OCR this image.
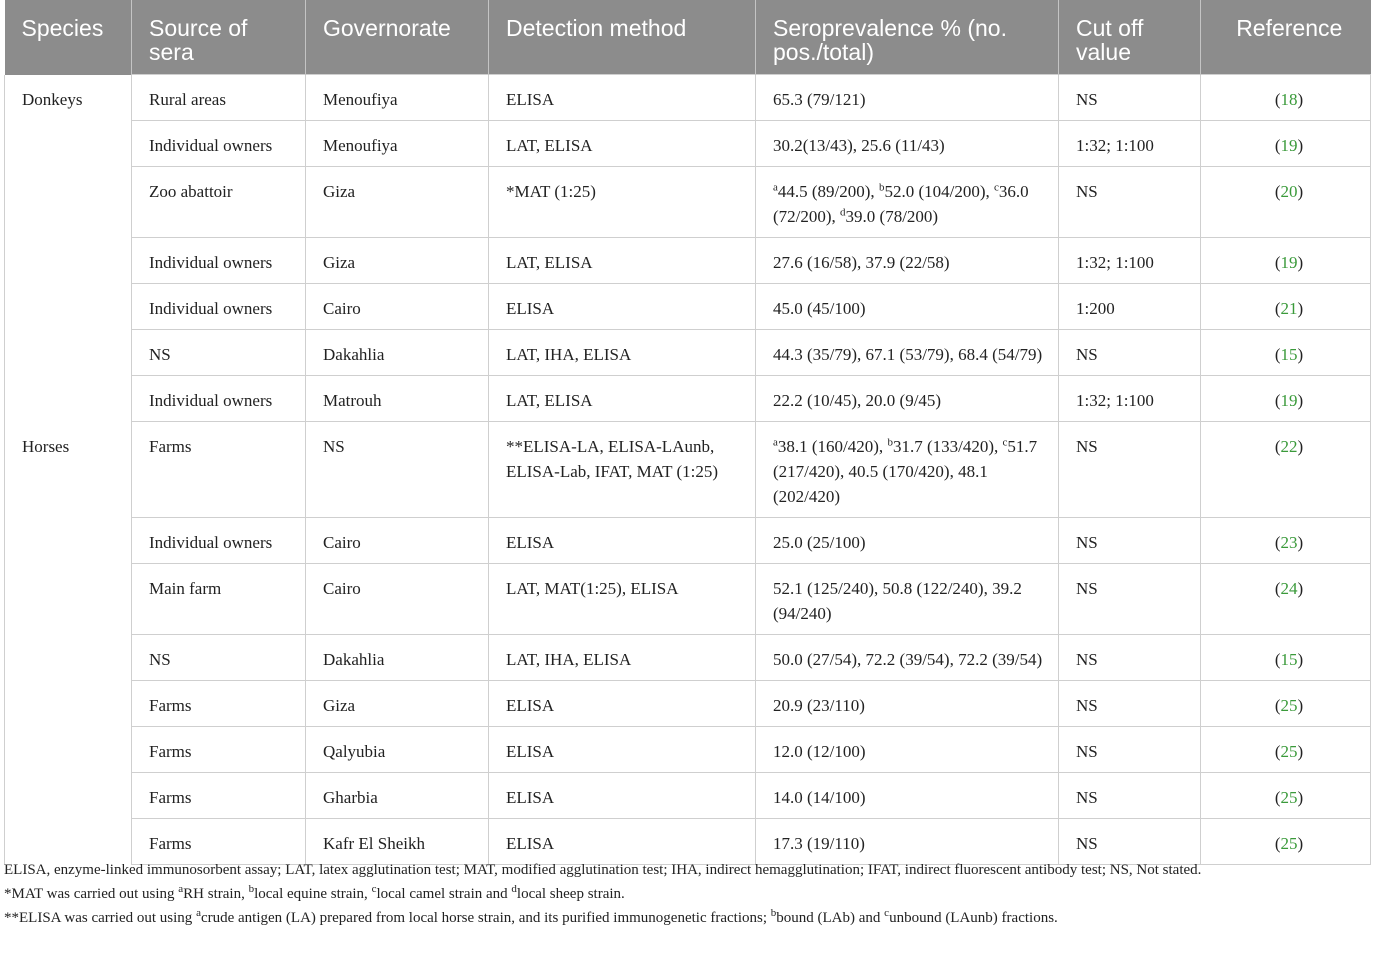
Species	Source of sera	Governorate	Detection method	Seroprevalence % (no. pos./total)	Cut off value	Reference
Donkeys	Rural areas	Menoufiya	ELISA	65.3 (79/121)	NS	(18)
	Individual owners	Menoufiya	LAT, ELISA	30.2(13/43), 25.6 (11/43)	1:32; 1:100	(19)
	Zoo abattoir	Giza	*MAT (1:25)	$^a$44.5 (89/200), $^b$52.0 (104/200), $^c$36.0 (72/200), $^d$39.0 (78/200)	NS	(20)
	Individual owners	Giza	LAT, ELISA	27.6 (16/58), 37.9 (22/58)	1:32; 1:100	(19)
	Individual owners	Cairo	ELISA	45.0 (45/100)	1:200	(21)
	NS	Dakahlia	LAT, IHA, ELISA	44.3 (35/79), 67.1 (53/79), 68.4 (54/79)	NS	(15)
	Individual owners	Matrouh	LAT, ELISA	22.2 (10/45), 20.0 (9/45)	1:32; 1:100	(19)
Horses	Farms	NS	**ELISA-LA, ELISA-LAunb, ELISA-Lab, IFAT, MAT (1:25)	$^a$38.1 (160/420), $^b$31.7 (133/420), $^c$51.7 (217/420), 40.5 (170/420), 48.1 (202/420)	NS	(22)
	Individual owners	Cairo	ELISA	25.0 (25/100)	NS	(23)
	Main farm	Cairo	LAT, MAT(1:25), ELISA	52.1 (125/240), 50.8 (122/240), 39.2 (94/240)	NS	(24)
	NS	Dakahlia	LAT, IHA, ELISA	50.0 (27/54), 72.2 (39/54), 72.2 (39/54)	NS	(15)
	Farms	Giza	ELISA	20.9 (23/110)	NS	(25)
	Farms	Qalyubia	ELISA	12.0 (12/100)	NS	(25)
	Farms	Gharbia	ELISA	14.0 (14/100)	NS	(25)
	Farms	Kafr El Sheikh	ELISA	17.3 (19/110)	NS	(25)
ELISA, enzyme-linked immunosorbent assay; LAT, latex agglutination test; MAT, modified agglutination test; IHA, indirect hemagglutination; IFAT, indirect fluorescent antibody test; NS, Not stated.
*MAT was carried out using $^a$RH strain, $^b$local equine strain, $^c$local camel strain and $^d$local sheep strain.
**ELISA was carried out using $^a$crude antigen (LA) prepared from local horse strain, and its purified immunogenetic fractions; $^b$bound (LAb) and $^c$unbound (LAunb) fractions.
